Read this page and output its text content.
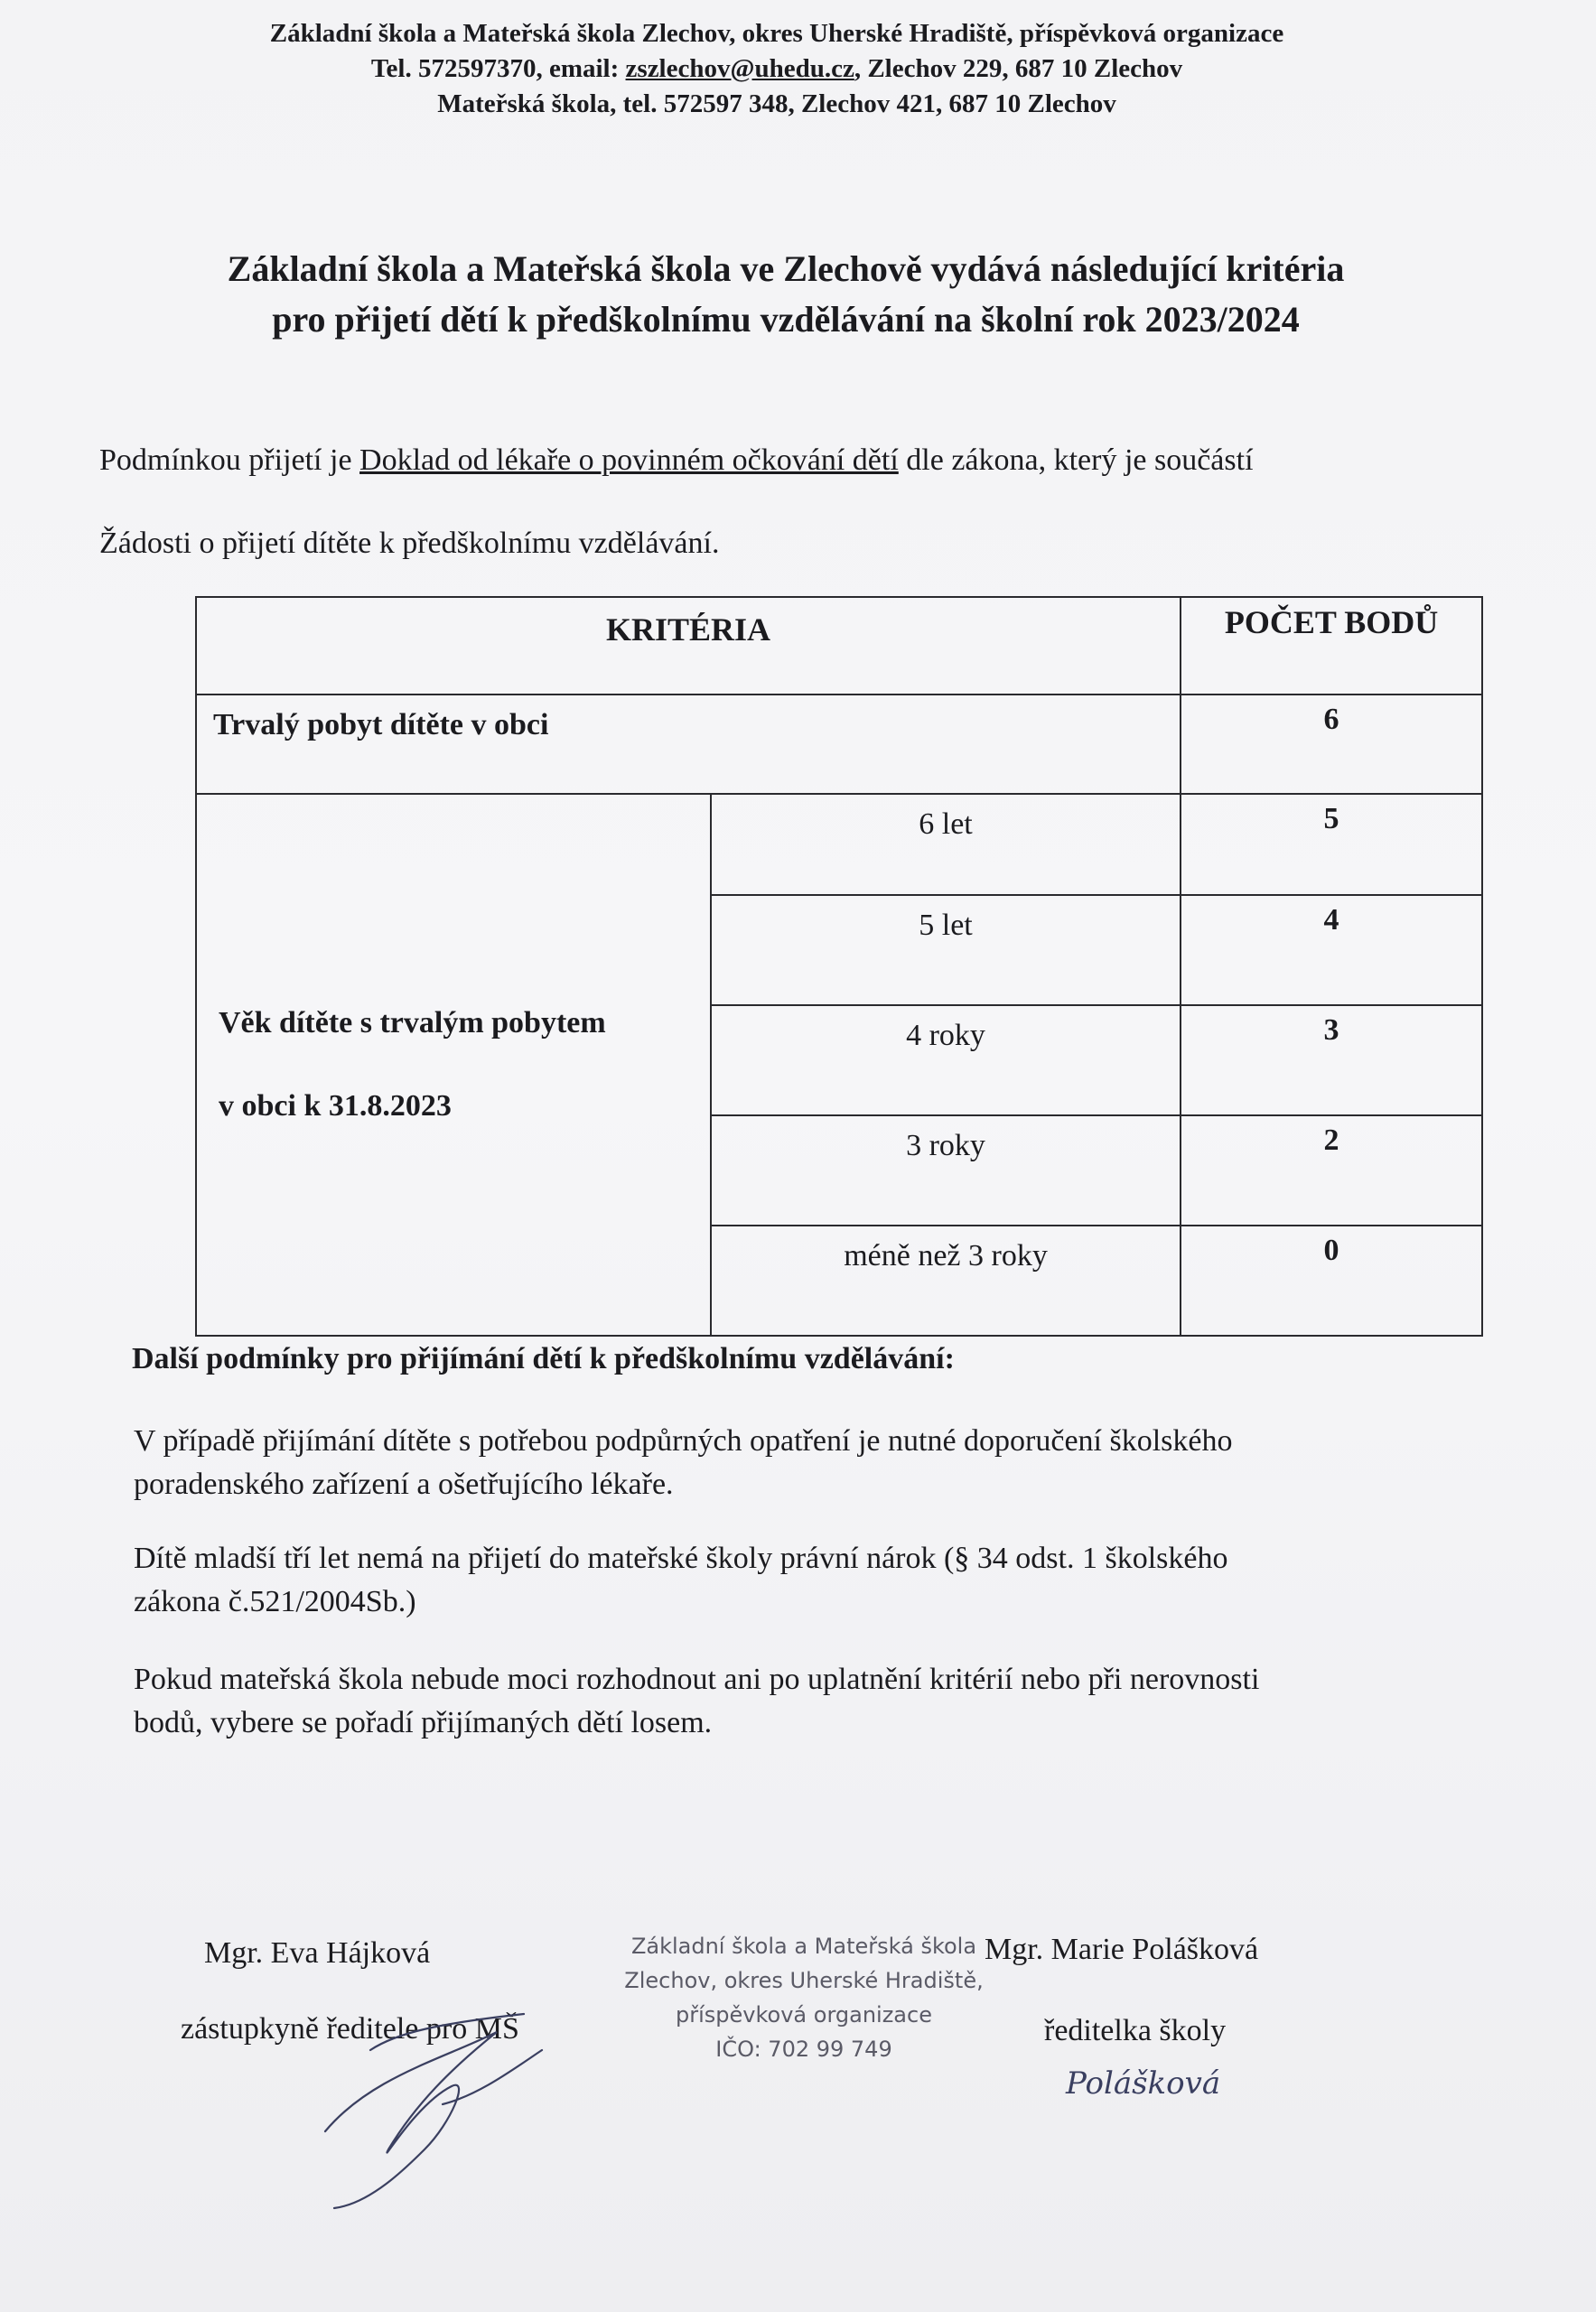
Základní škola a Mateřská škola Zlechov, okres Uherské Hradiště, příspěvková organizace
Tel. 572597370, email: zszlechov@uhedu.cz, Zlechov 229, 687 10 Zlechov
Mateřská škola, tel. 572597 348, Zlechov 421, 687 10 Zlechov
Základní škola a Mateřská škola ve Zlechově vydává následující kritéria
pro přijetí dětí k předškolnímu vzdělávání na školní rok 2023/2024
Podmínkou přijetí je Doklad od lékaře o povinném očkování dětí dle zákona, který je součástí
Žádosti o přijetí dítěte k předškolnímu vzdělávání.
KRITÉRIA		POČET BODŮ
Trvalý pobyt dítěte v obci		6

Věk dítěte s trvalým pobytem
v obci k 31.8.2023	6 let	5
	5 let	4
	4 roky	3
	3 roky	2
	méně než 3 roky	0
Další podmínky pro přijímání dětí k předškolnímu vzdělávání:
V případě přijímání dítěte s potřebou podpůrných opatření je nutné doporučení školského
poradenského zařízení a ošetřujícího lékaře.
Dítě mladší tří let nemá na přijetí do mateřské školy právní nárok (§ 34 odst. 1 školského
zákona č.521/2004Sb.)
Pokud mateřská škola nebude moci rozhodnout ani po uplatnění kritérií nebo při nerovnosti
bodů, vybere se pořadí přijímaných dětí losem.
Mgr. Eva Hájková
zástupkyně ředitele pro MŠ
Základní škola a Mateřská škola
Zlechov, okres Uherské Hradiště,
příspěvková organizace
IČO: 702 99 749
Mgr. Marie Polášková
ředitelka školy
Polášková
